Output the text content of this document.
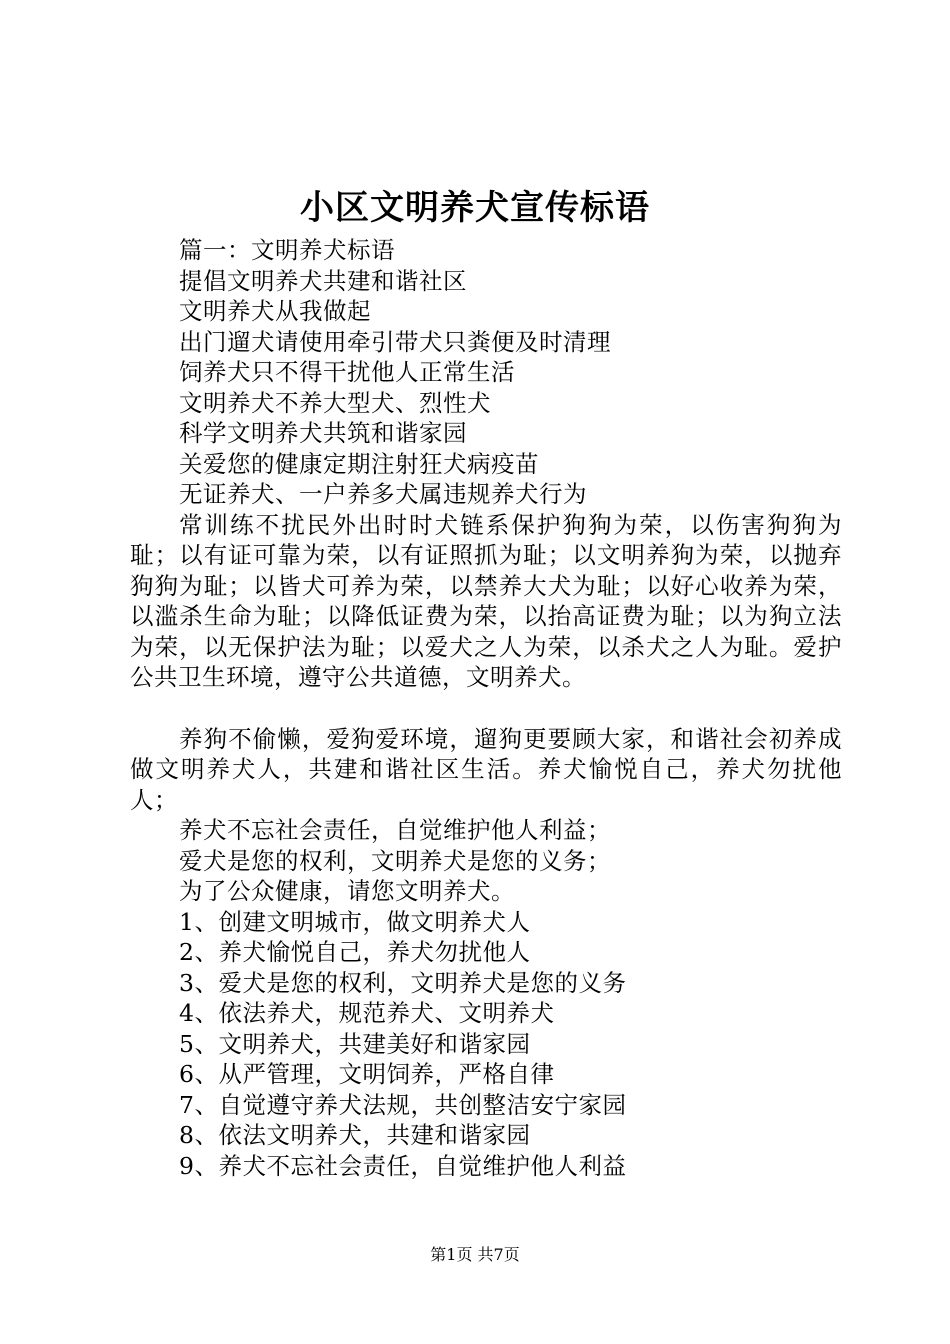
小区文明养犬宣传标语
篇一：文明养犬标语
提倡文明养犬共建和谐社区
文明养犬从我做起
出门遛犬请使用牵引带犬只粪便及时清理
饲养犬只不得干扰他人正常生活
文明养犬不养大型犬、烈性犬
科学文明养犬共筑和谐家园
关爱您的健康定期注射狂犬病疫苗
无证养犬、一户养多犬属违规养犬行为

常训练不扰民外出时时犬链系保护狗狗为荣，以伤害狗狗为耻；以有证可靠为荣，以有证照抓为耻；以文明养狗为荣，以抛弃狗狗为耻；以皆犬可养为荣，以禁养大犬为耻；以好心收养为荣，以滥杀生命为耻；以降低证费为荣，以抬高证费为耻；以为狗立法为荣，以无保护法为耻；以爱犬之人为荣，以杀犬之人为耻。爱护公共卫生环境，遵守公共道德，文明养犬。

养狗不偷懒，爱狗爱环境，遛狗更要顾大家，和谐社会初养成做文明养犬人，共建和谐社区生活。养犬愉悦自己，养犬勿扰他人；

养犬不忘社会责任，自觉维护他人利益；
爱犬是您的权利，文明养犬是您的义务；
为了公众健康，请您文明养犬。
1、创建文明城市，做文明养犬人
2、养犬愉悦自己，养犬勿扰他人
3、爱犬是您的权利，文明养犬是您的义务
4、依法养犬，规范养犬、文明养犬
5、文明养犬，共建美好和谐家园
6、从严管理，文明饲养，严格自律
7、自觉遵守养犬法规，共创整洁安宁家园
8、依法文明养犬，共建和谐家园
9、养犬不忘社会责任，自觉维护他人利益
第1页 共7页
